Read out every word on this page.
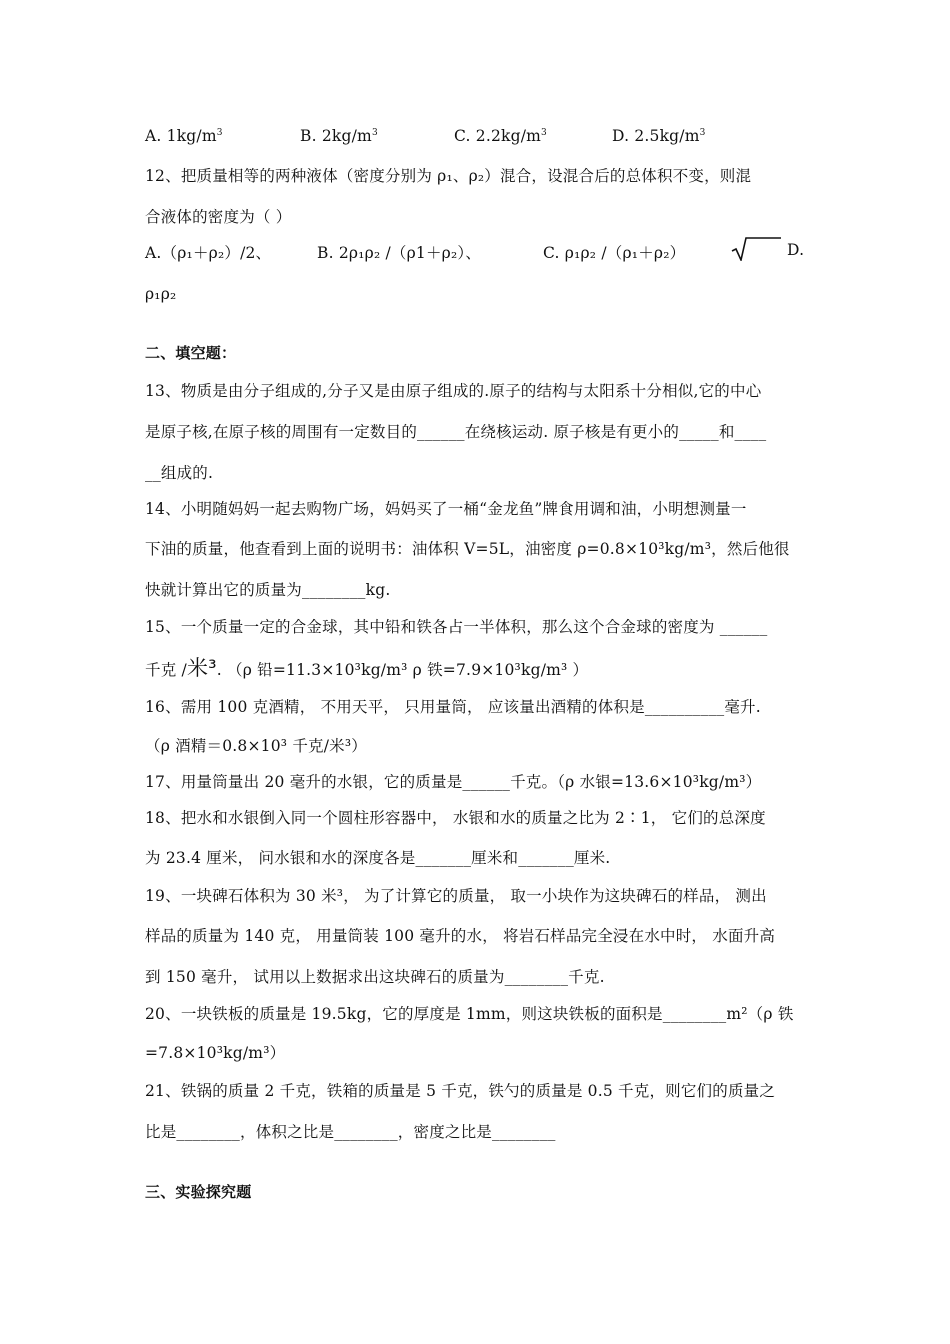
A. $1kg/m^3$	B. $2kg/m^3$	C. $2.2kg/m^3$	D. $2.5kg/m^3$
12、把质量相等的两种液体（密度分别为 ρ₁、ρ₂）混合，设混合后的总体积不变，则混
合液体的密度为（ ）
A.（ρ₁＋ρ₂）/2、	B. 2ρ₁ρ₂ /（ρ1＋ρ₂）、	C. ρ₁ρ₂ /（ρ₁＋ρ₂）	D.
ρ₁ρ₂
二、填空题：
13、物质是由分子组成的,分子又是由原子组成的.原子的结构与太阳系十分相似,它的中心
是原子核,在原子核的周围有一定数目的______在绕核运动. 原子核是有更小的_____和____
__组成的.
14、小明随妈妈一起去购物广场，妈妈买了一桶“金龙鱼”牌食用调和油，小明想测量一
下油的质量，他查看到上面的说明书：油体积 V=5L，油密度 ρ=0.8×10³kg/m³，然后他很
快就计算出它的质量为________kg.
15、一个质量一定的合金球，其中铅和铁各占一半体积，那么这个合金球的密度为 ______
千克 /米³. （ρ 铅=11.3×10³kg/m³ ρ 铁=7.9×10³kg/m³ ）
16、需用 100 克酒精， 不用天平， 只用量筒， 应该量出酒精的体积是__________毫升.
（ρ 酒精＝0.8×10³ 千克/米³）
17、用量筒量出 20 毫升的水银，它的质量是______千克。（ρ 水银=13.6×10³kg/m³）
18、把水和水银倒入同一个圆柱形容器中， 水银和水的质量之比为 2∶1， 它们的总深度
为 23.4 厘米， 问水银和水的深度各是_______厘米和_______厘米.
19、一块碑石体积为 30 米³， 为了计算它的质量， 取一小块作为这块碑石的样品， 测出
样品的质量为 140 克， 用量筒装 100 毫升的水， 将岩石样品完全浸在水中时， 水面升高
到 150 毫升， 试用以上数据求出这块碑石的质量为________千克.
20、一块铁板的质量是 19.5kg，它的厚度是 1mm，则这块铁板的面积是________m²（ρ 铁
=7.8×10³kg/m³）
21、铁锅的质量 2 千克，铁箱的质量是 5 千克，铁勺的质量是 0.5 千克，则它们的质量之
比是________，体积之比是________，密度之比是________
三、实验探究题
